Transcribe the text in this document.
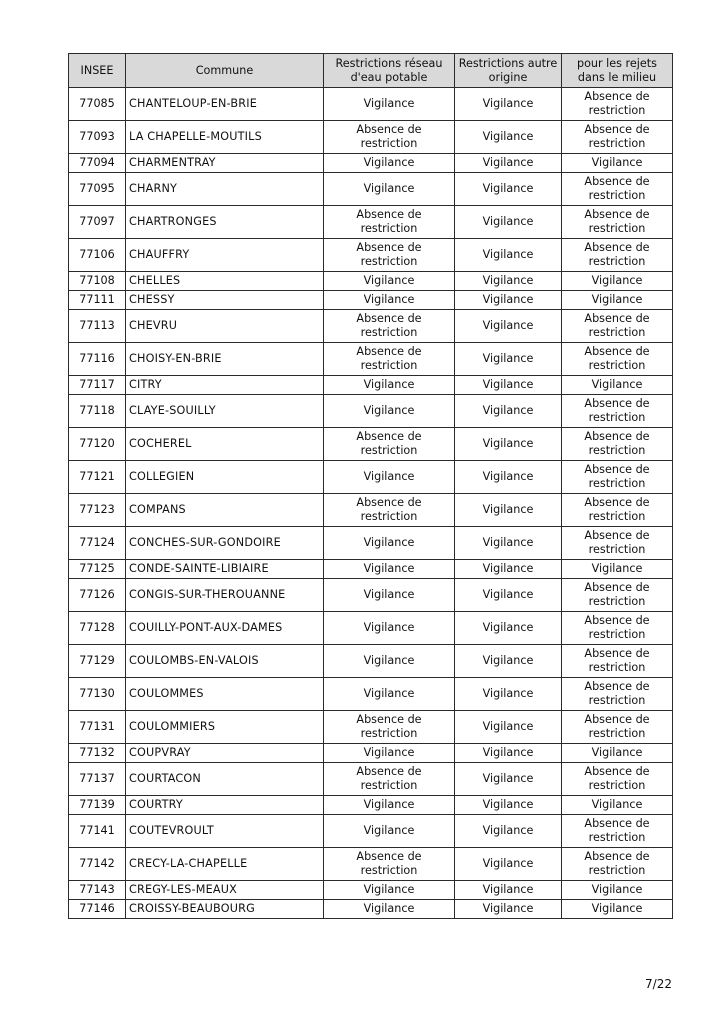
INSEE	Commune	Restrictions réseau d'eau potable	Restrictions autre origine	pour les rejets dans le milieu
77085	CHANTELOUP-EN-BRIE	Vigilance	Vigilance	Absence de restriction
77093	LA CHAPELLE-MOUTILS	Absence de restriction	Vigilance	Absence de restriction
77094	CHARMENTRAY	Vigilance	Vigilance	Vigilance
77095	CHARNY	Vigilance	Vigilance	Absence de restriction
77097	CHARTRONGES	Absence de restriction	Vigilance	Absence de restriction
77106	CHAUFFRY	Absence de restriction	Vigilance	Absence de restriction
77108	CHELLES	Vigilance	Vigilance	Vigilance
77111	CHESSY	Vigilance	Vigilance	Vigilance
77113	CHEVRU	Absence de restriction	Vigilance	Absence de restriction
77116	CHOISY-EN-BRIE	Absence de restriction	Vigilance	Absence de restriction
77117	CITRY	Vigilance	Vigilance	Vigilance
77118	CLAYE-SOUILLY	Vigilance	Vigilance	Absence de restriction
77120	COCHEREL	Absence de restriction	Vigilance	Absence de restriction
77121	COLLEGIEN	Vigilance	Vigilance	Absence de restriction
77123	COMPANS	Absence de restriction	Vigilance	Absence de restriction
77124	CONCHES-SUR-GONDOIRE	Vigilance	Vigilance	Absence de restriction
77125	CONDE-SAINTE-LIBIAIRE	Vigilance	Vigilance	Vigilance
77126	CONGIS-SUR-THEROUANNE	Vigilance	Vigilance	Absence de restriction
77128	COUILLY-PONT-AUX-DAMES	Vigilance	Vigilance	Absence de restriction
77129	COULOMBS-EN-VALOIS	Vigilance	Vigilance	Absence de restriction
77130	COULOMMES	Vigilance	Vigilance	Absence de restriction
77131	COULOMMIERS	Absence de restriction	Vigilance	Absence de restriction
77132	COUPVRAY	Vigilance	Vigilance	Vigilance
77137	COURTACON	Absence de restriction	Vigilance	Absence de restriction
77139	COURTRY	Vigilance	Vigilance	Vigilance
77141	COUTEVROULT	Vigilance	Vigilance	Absence de restriction
77142	CRECY-LA-CHAPELLE	Absence de restriction	Vigilance	Absence de restriction
77143	CREGY-LES-MEAUX	Vigilance	Vigilance	Vigilance
77146	CROISSY-BEAUBOURG	Vigilance	Vigilance	Vigilance
7/22
